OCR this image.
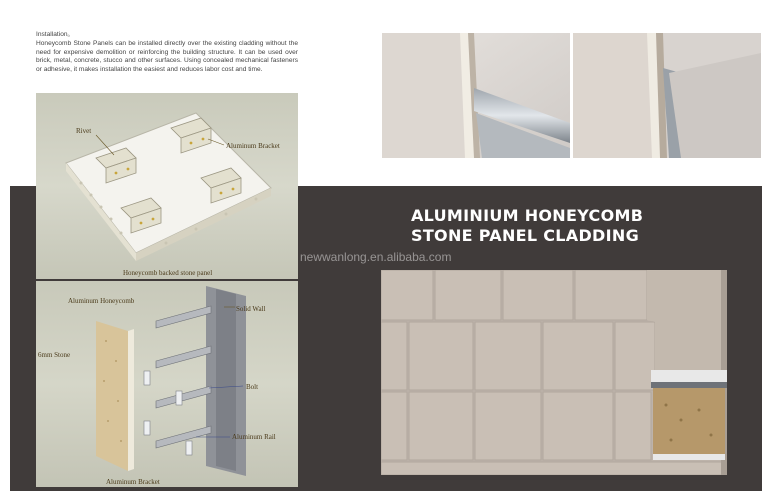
Installation。
Honeycomb Stone Panels can be installed directly over the existing cladding without the need for expensive demolition or reinforcing the building structure. It can be used over brick, metal, concrete, stucco and other surfaces. Using concealed mechanical fasteners or adhesive, it makes installation the easiest and reduces labor cost and time.
Rivet
Aluminum Bracket
Honeycomb backed stone panel
Aluminum Honeycomb
Solid Wall
6mm Stone
Bolt
Aluminum Rail
Aluminum Bracket
ALUMINIUM HONEYCOMB
STONE PANEL CLADDING
newwanlong.en.alibaba.com
